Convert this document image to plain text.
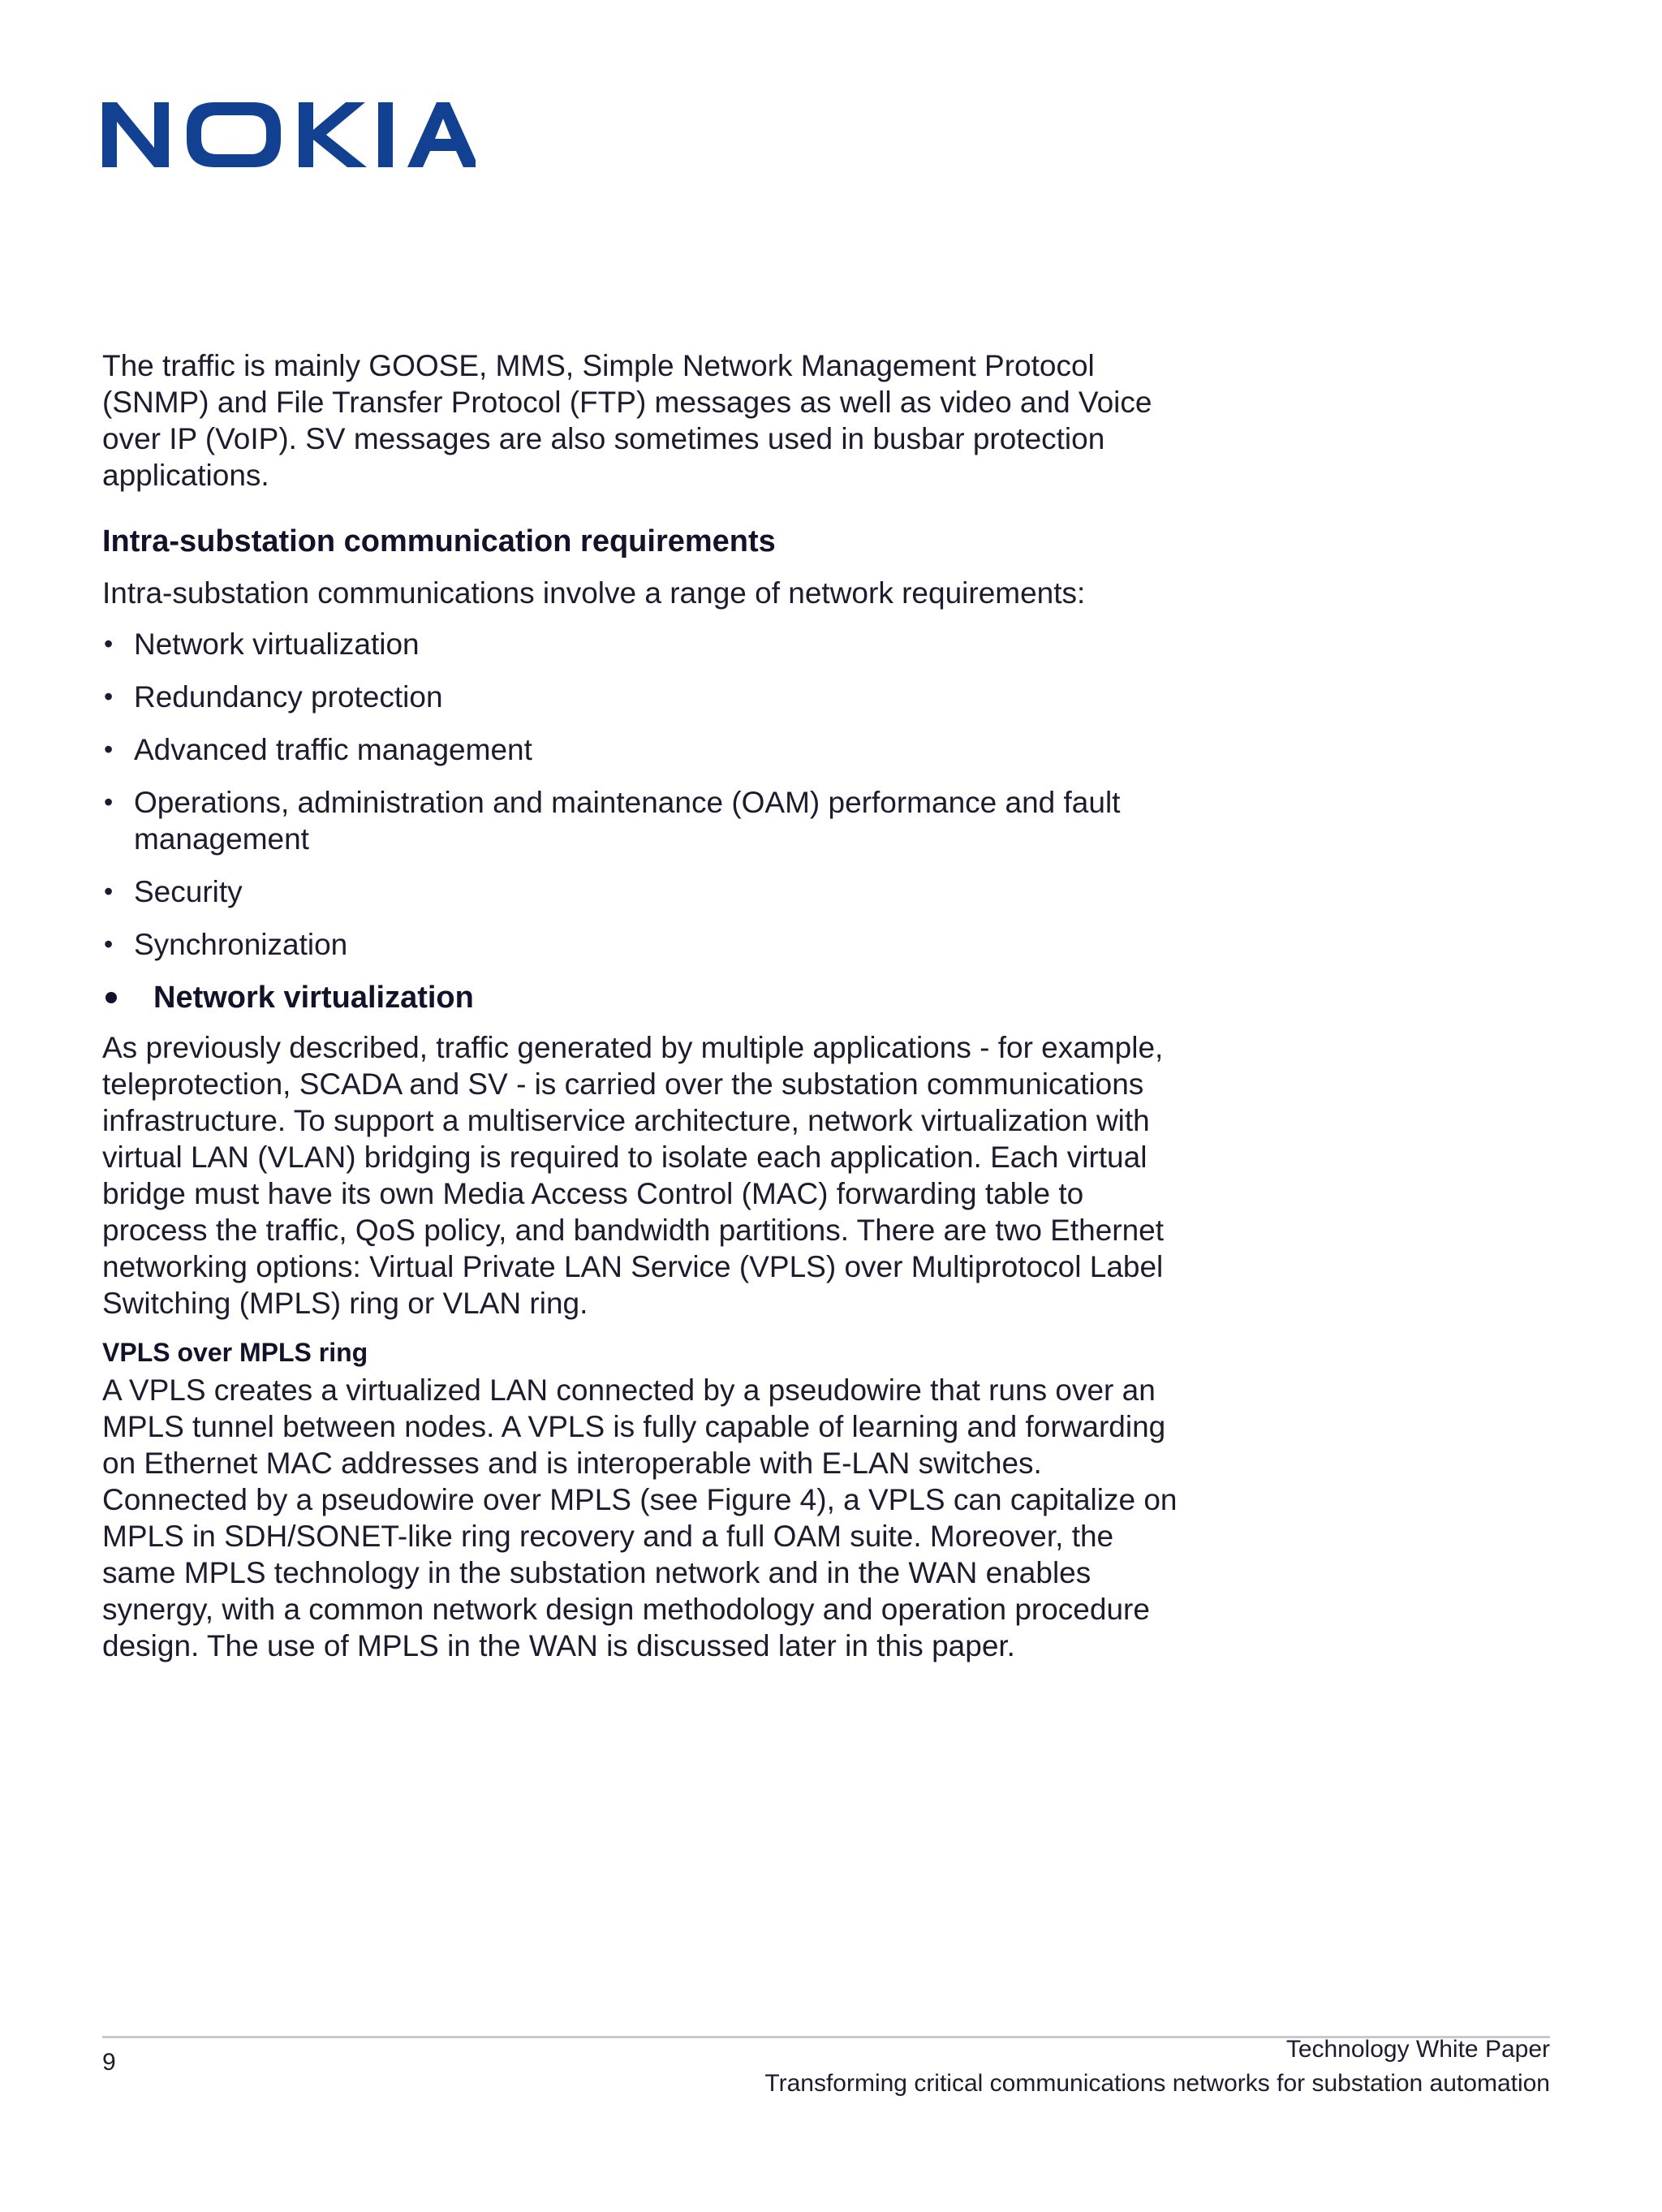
The traffic is mainly GOOSE, MMS, Simple Network Management Protocol (SNMP) and File Transfer Protocol (FTP) messages as well as video and Voice over IP (VoIP). SV messages are also sometimes used in busbar protection applications.

Intra-substation communication requirements

Intra-substation communications involve a range of network requirements:

• Network virtualization
• Redundancy protection
• Advanced traffic management
• Operations, administration and maintenance (OAM) performance and fault management
• Security
• Synchronization
Network virtualization

As previously described, traffic generated by multiple applications - for example, teleprotection, SCADA and SV - is carried over the substation communications infrastructure. To support a multiservice architecture, network virtualization with virtual LAN (VLAN) bridging is required to isolate each application. Each virtual bridge must have its own Media Access Control (MAC) forwarding table to process the traffic, QoS policy, and bandwidth partitions. There are two Ethernet networking options: Virtual Private LAN Service (VPLS) over Multiprotocol Label Switching (MPLS) ring or VLAN ring.

VPLS over MPLS ring

A VPLS creates a virtualized LAN connected by a pseudowire that runs over an MPLS tunnel between nodes. A VPLS is fully capable of learning and forwarding on Ethernet MAC addresses and is interoperable with E-LAN switches. Connected by a pseudowire over MPLS (see Figure 4), a VPLS can capitalize on MPLS in SDH/SONET-like ring recovery and a full OAM suite. Moreover, the same MPLS technology in the substation network and in the WAN enables synergy, with a common network design methodology and operation procedure design. The use of MPLS in the WAN is discussed later in this paper.

9	Technology White Paper
Transforming critical communications networks for substation automation
